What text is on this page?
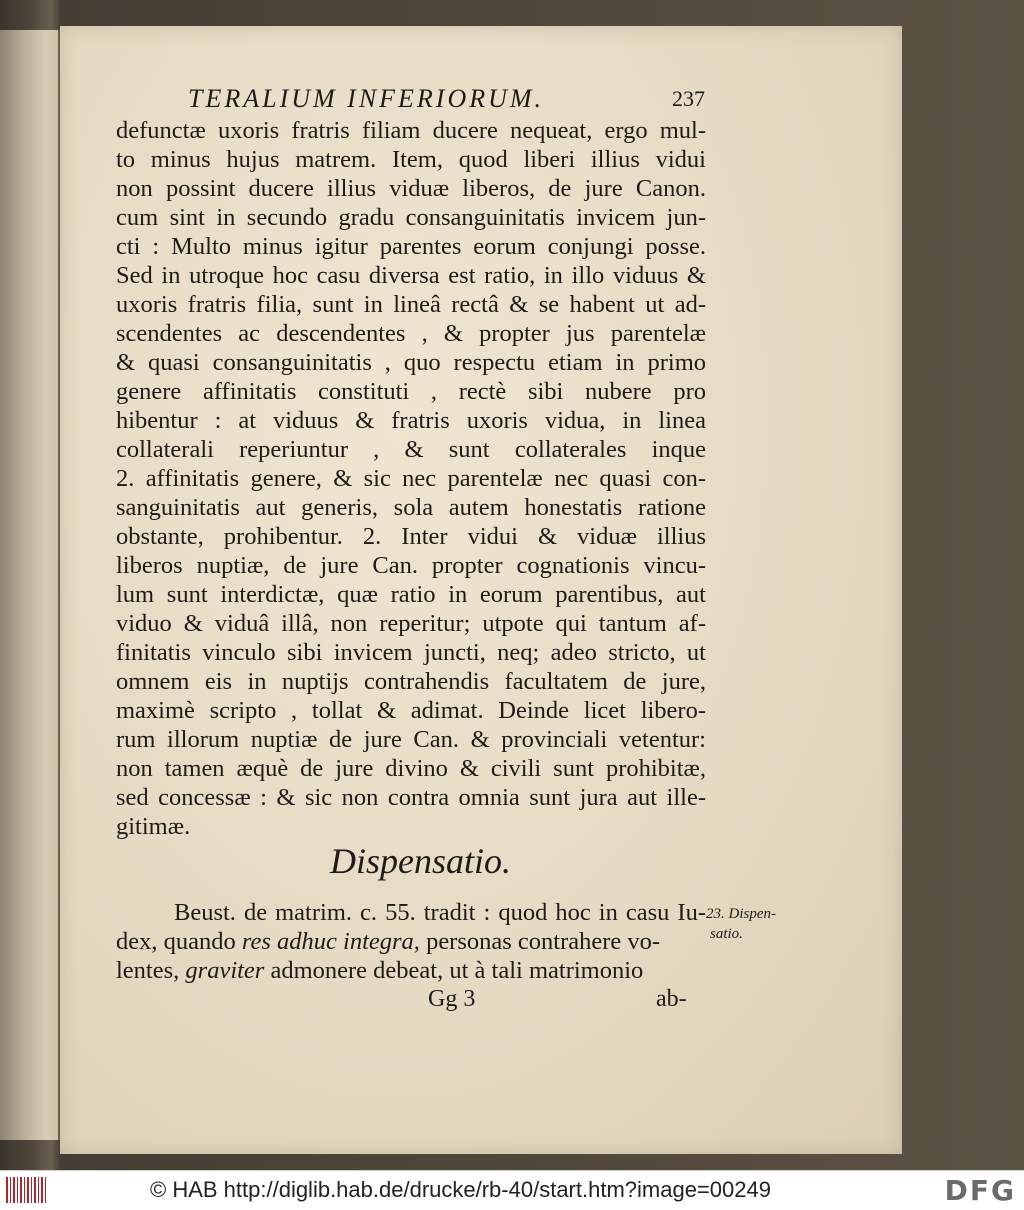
TERALIUM INFERIORUM.	237
defunctæ uxoris fratris filiam ducere nequeat, ergo mul-
to minus hujus matrem. Item, quod liberi illius vidui
non possint ducere illius viduæ liberos, de jure Canon.
cum sint in secundo gradu consanguinitatis invicem jun-
cti : Multo minus igitur parentes eorum conjungi posse.
Sed in utroque hoc casu diversa est ratio, in illo viduus &
uxoris fratris filia, sunt in lineâ rectâ & se habent ut ad-
scendentes ac descendentes , & propter jus parentelæ
& quasi consanguinitatis , quo respectu etiam in primo
genere affinitatis constituti , rectè sibi nubere pro
hibentur : at viduus & fratris uxoris vidua, in linea
collaterali reperiuntur , & sunt collaterales inque
2. affinitatis genere, & sic nec parentelæ nec quasi con-
sanguinitatis aut generis, sola autem honestatis ratione
obstante, prohibentur. 2. Inter vidui & viduæ illius
liberos nuptiæ, de jure Can. propter cognationis vincu-
lum sunt interdictæ, quæ ratio in eorum parentibus, aut
viduo & viduâ illâ, non reperitur; utpote qui tantum af-
finitatis vinculo sibi invicem juncti, neq; adeo stricto, ut
omnem eis in nuptijs contrahendis facultatem de jure,
maximè scripto , tollat & adimat. Deinde licet libero-
rum illorum nuptiæ de jure Can. & provinciali vetentur:
non tamen æquè de jure divino & civili sunt prohibitæ,
sed concessæ : & sic non contra omnia sunt jura aut ille-
gitimæ.
Dispensatio.
Beust. de matrim. c. 55. tradit : quod hoc in casu Iu-
dex, quando res adhuc integra, personas contrahere vo-
lentes, graviter admonere debeat, ut à tali matrimonio
23. Dispen-
satio.
Gg 3	ab-
© HAB http://diglib.hab.de/drucke/rb-40/start.htm?image=00249	DFG
